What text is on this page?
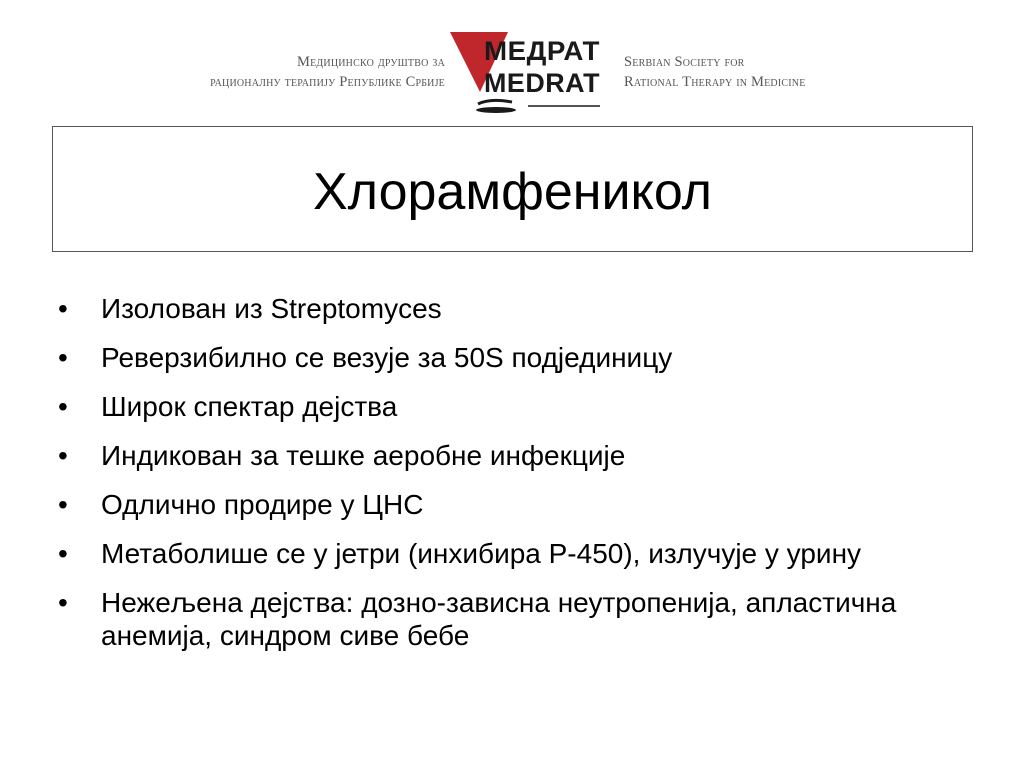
Медицинско друштво за
рационалну терапију Републике Србије
МЕДРАТ
MEDRAT
Serbian Society for
Rational Therapy in Medicine
Хлорамфеникол
•	Изолован из Streptomyces
•	Реверзибилно се везује за 50S подјединицу
•	Широк спектар дејства
•	Индикован за тешке аеробне инфекције
•	Одлично продире у ЦНС
•	Метаболише се у јетри (инхибира P-450), излучује у урину
•	Нежељена дејства: дозно-зависна неутропенија, апластична анемија, синдром сиве бебе
